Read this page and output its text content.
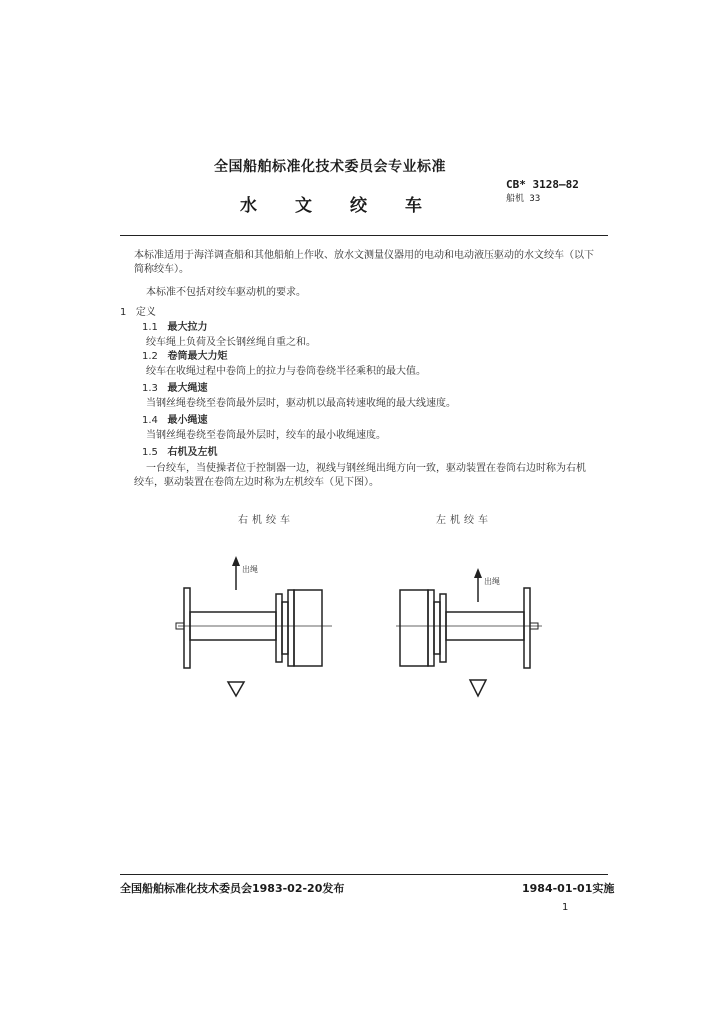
全国船舶标准化技术委员会专业标准
水文绞车
CB* 3128—82
船机 33
本标准适用于海洋调查船和其他船舶上作收、放水文测量仪器用的电动和电动液压驱动的水文绞车（以下简称绞车）。
本标准不包括对绞车驱动机的要求。
1 定义
1.1 最大拉力
绞车绳上负荷及全长钢丝绳自重之和。
1.2 卷筒最大力矩
绞车在收绳过程中卷筒上的拉力与卷筒卷绕半径乘积的最大值。
1.3 最大绳速
当钢丝绳卷绕至卷筒最外层时，驱动机以最高转速收绳的最大线速度。
1.4 最小绳速
当钢丝绳卷绕至卷筒最外层时，绞车的最小收绳速度。
1.5 右机及左机
一台绞车，当使操者位于控制器一边，视线与钢丝绳出绳方向一致，驱动装置在卷筒右边时称为右机绞车，驱动装置在卷筒左边时称为左机绞车（见下图）。
右机绞车	左机绞车
出绳
出绳
全国船舶标准化技术委员会1983-02-20发布	1984-01-01实施
1
